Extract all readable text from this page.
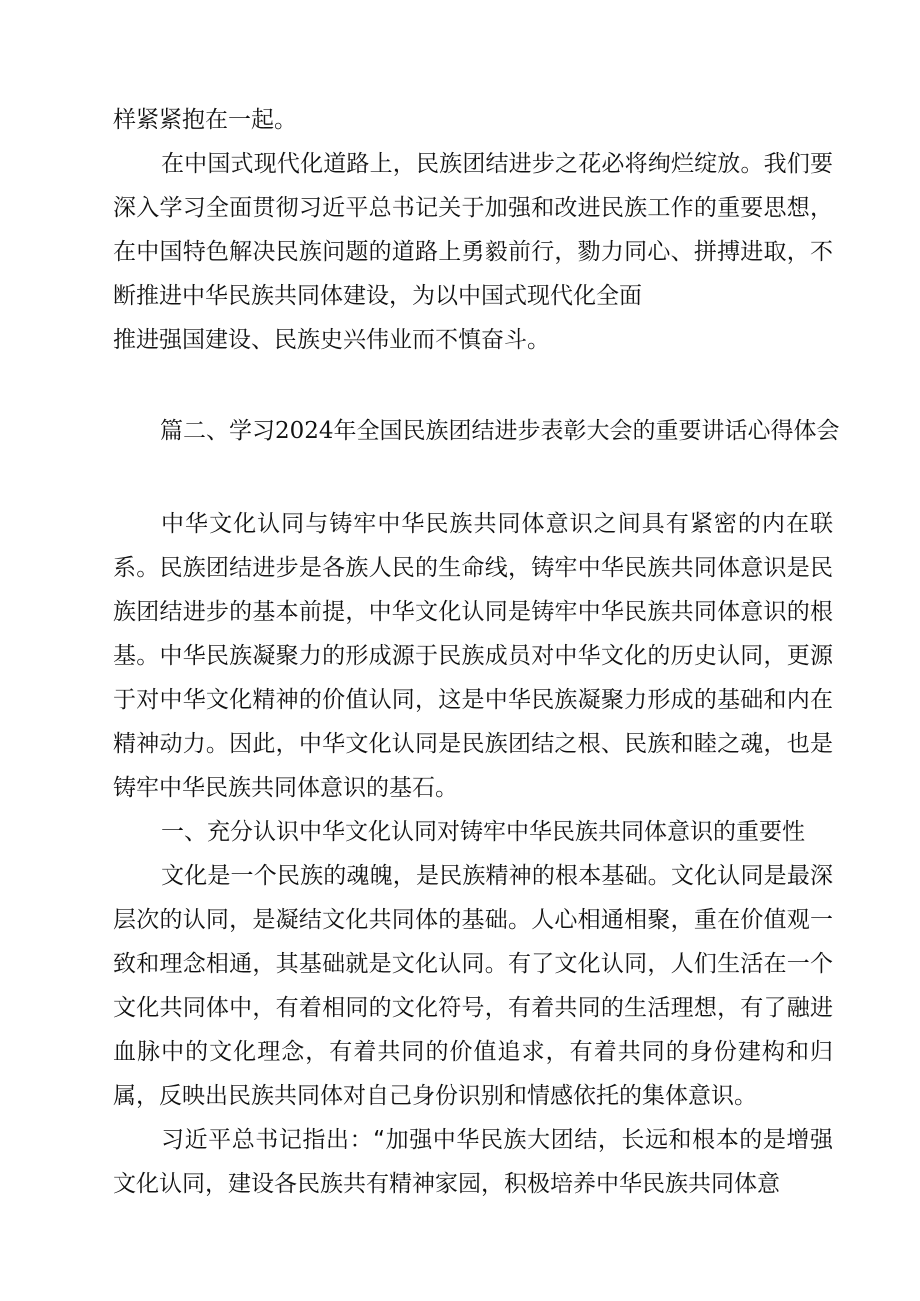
样紧紧抱在一起。

在中国式现代化道路上，民族团结进步之花必将绚烂绽放。我们要深入学习全面贯彻习近平总书记关于加强和改进民族工作的重要思想，在中国特色解决民族问题的道路上勇毅前行，勠力同心、拼搏进取，不断推进中华民族共同体建设，为以中国式现代化全面

推进强国建设、民族史兴伟业而不慎奋斗。

篇二、学习2024年全国民族团结进步表彰大会的重要讲话心得体会

中华文化认同与铸牢中华民族共同体意识之间具有紧密的内在联系。民族团结进步是各族人民的生命线，铸牢中华民族共同体意识是民族团结进步的基本前提，中华文化认同是铸牢中华民族共同体意识的根基。中华民族凝聚力的形成源于民族成员对中华文化的历史认同，更源于对中华文化精神的价值认同，这是中华民族凝聚力形成的基础和内在精神动力。因此，中华文化认同是民族团结之根、民族和睦之魂，也是铸牢中华民族共同体意识的基石。

一、充分认识中华文化认同对铸牢中华民族共同体意识的重要性

文化是一个民族的魂魄，是民族精神的根本基础。文化认同是最深层次的认同，是凝结文化共同体的基础。人心相通相聚，重在价值观一致和理念相通，其基础就是文化认同。有了文化认同，人们生活在一个文化共同体中，有着相同的文化符号，有着共同的生活理想，有了融进血脉中的文化理念，有着共同的价值追求，有着共同的身份建构和归属，反映出民族共同体对自己身份识别和情感依托的集体意识。

习近平总书记指出：“加强中华民族大团结，长远和根本的是增强文化认同，建设各民族共有精神家园，积极培养中华民族共同体意
